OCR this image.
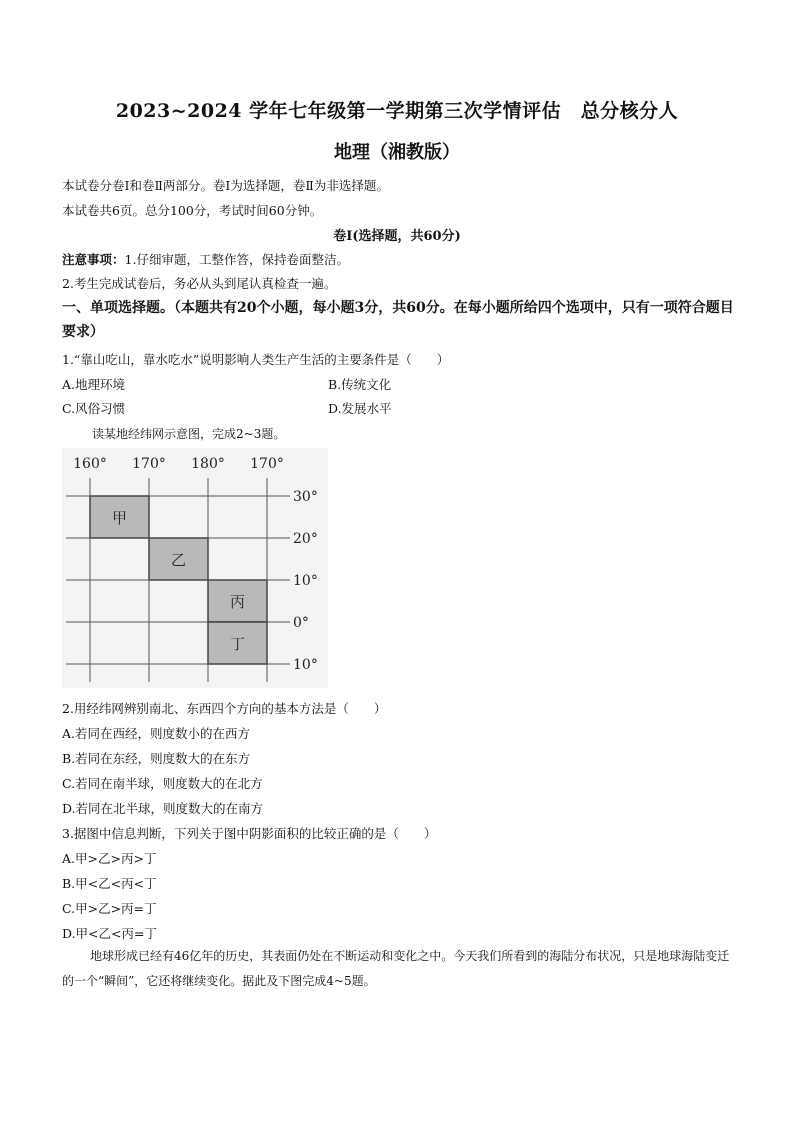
2023~2024 学年七年级第一学期第三次学情评估　总分核分人
地理（湘教版）
本试卷分卷Ⅰ和卷Ⅱ两部分。卷Ⅰ为选择题，卷Ⅱ为非选择题。
本试卷共6页。总分100分，考试时间60分钟。
卷Ⅰ(选择题，共60分)
注意事项：1.仔细审题，工整作答，保持卷面整洁。
2.考生完成试卷后，务必从头到尾认真检查一遍。
一、单项选择题。（本题共有20个小题，每小题3分，共60分。在每小题所给四个选项中，只有一项符合题目要求）
1.“靠山吃山，靠水吃水”说明影响人类生产生活的主要条件是（　　）
A.地理环境	B.传统文化
C.风俗习惯	D.发展水平
读某地经纬网示意图，完成2~3题。
160° 170° 180° 170°
30°
20°
10°
0°
10°
甲
乙
丙
丁
2.用经纬网辨别南北、东西四个方向的基本方法是（　　）
A.若同在西经，则度数小的在西方
B.若同在东经，则度数大的在东方
C.若同在南半球，则度数大的在北方
D.若同在北半球，则度数大的在南方
3.据图中信息判断，下列关于图中阴影面积的比较正确的是（　　）
A.甲>乙>丙>丁
B.甲<乙<丙<丁
C.甲>乙>丙=丁
D.甲<乙<丙=丁
地球形成已经有46亿年的历史，其表面仍处在不断运动和变化之中。今天我们所看到的海陆分布状况，只是地球海陆变迁的一个“瞬间”，它还将继续变化。据此及下图完成4~5题。
